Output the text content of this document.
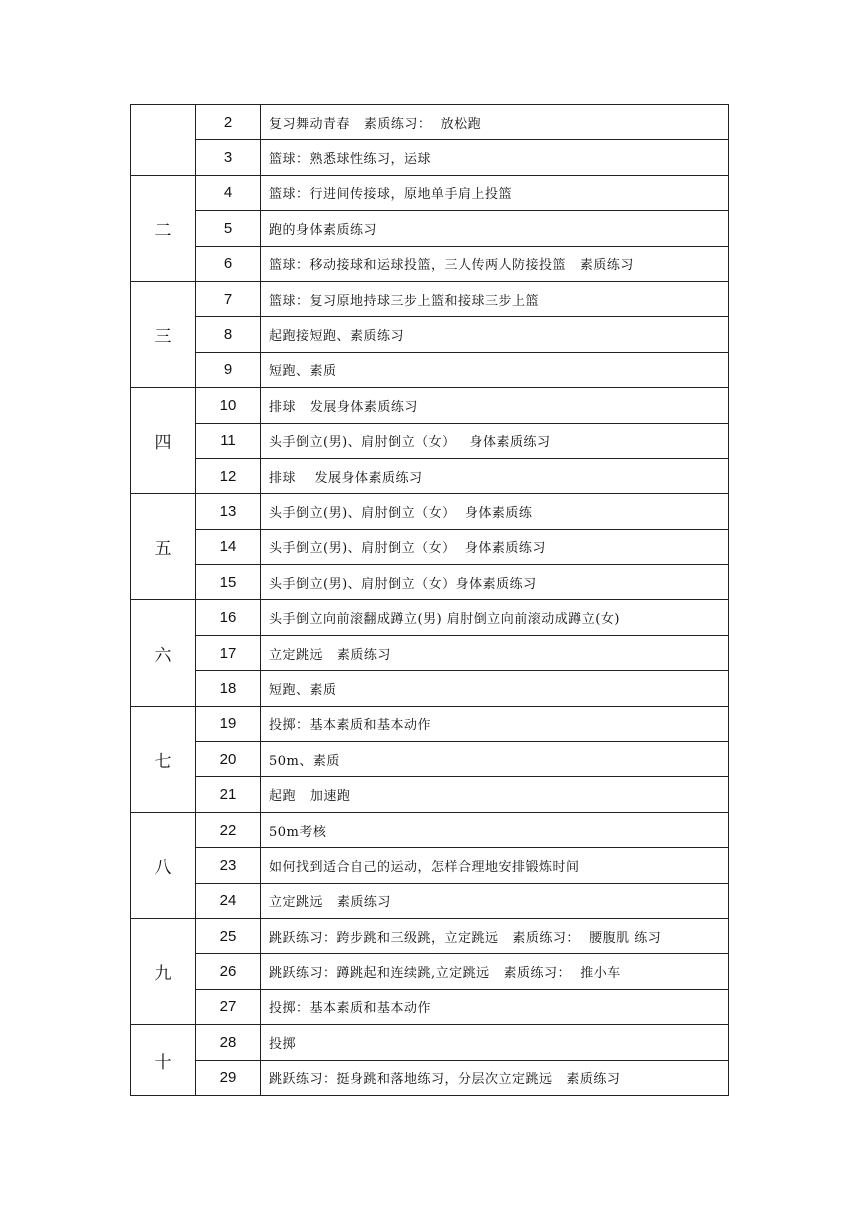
	2	复习舞动青春   素质练习：  放松跑
	3	篮球：熟悉球性练习，运球
二	4	篮球：行进间传接球，原地单手肩上投篮
	5	跑的身体素质练习
	6	篮球：移动接球和运球投篮，三人传两人防接投篮   素质练习
三	7	篮球：复习原地持球三步上篮和接球三步上篮
	8	起跑接短跑、素质练习
	9	短跑、素质
四	10	排球   发展身体素质练习
	11	头手倒立(男)、肩肘倒立（女）   身体素质练习
	12	排球    发展身体素质练习
五	13	头手倒立(男)、肩肘倒立（女）  身体素质练
	14	头手倒立(男)、肩肘倒立（女）  身体素质练习
	15	头手倒立(男)、肩肘倒立（女）身体素质练习
六	16	头手倒立向前滚翻成蹲立(男) 肩肘倒立向前滚动成蹲立(女)
	17	立定跳远   素质练习
	18	短跑、素质
七	19	投掷：基本素质和基本动作
	20	50m、素质
	21	起跑   加速跑
八	22	50m考核
	23	如何找到适合自己的运动，怎样合理地安排锻炼时间
	24	立定跳远   素质练习
九	25	跳跃练习：跨步跳和三级跳，立定跳远   素质练习：  腰腹肌 练习
	26	跳跃练习：蹲跳起和连续跳,立定跳远   素质练习：  推小车
	27	投掷：基本素质和基本动作
十	28	投掷
	29	跳跃练习：挺身跳和落地练习，分层次立定跳远   素质练习
